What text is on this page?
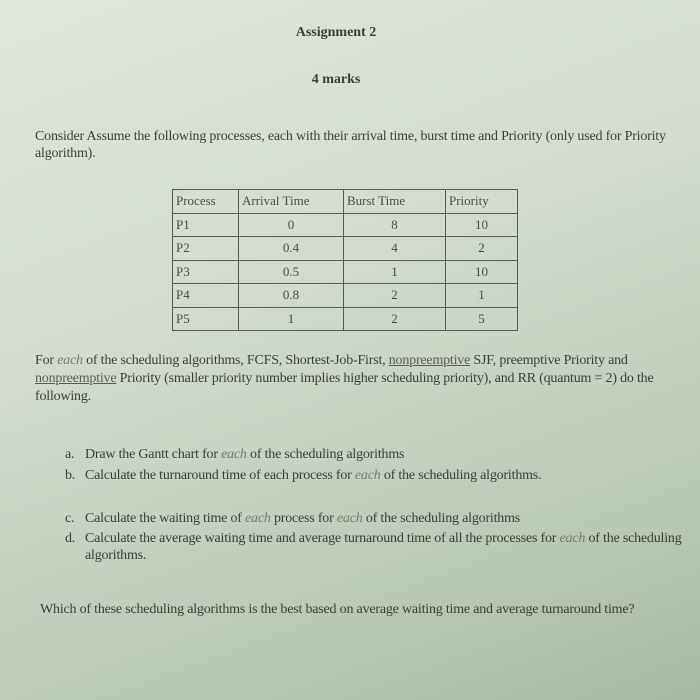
Assignment 2
4 marks
Consider Assume the following processes, each with their arrival time, burst time and Priority (only used for Priority algorithm).
Process	Arrival Time	Burst Time	Priority
P1	0	8	10
P2	0.4	4	2
P3	0.5	1	10
P4	0.8	2	1
P5	1	2	5
For each of the scheduling algorithms, FCFS, Shortest-Job-First, nonpreemptive SJF, preemptive Priority and nonpreemptive Priority (smaller priority number implies higher scheduling priority), and RR (quantum = 2) do the following.
a. Draw the Gantt chart for each of the scheduling algorithms
b. Calculate the turnaround time of each process for each of the scheduling algorithms.
c. Calculate the waiting time of each process for each of the scheduling algorithms
d. Calculate the average waiting time and average turnaround time of all the processes for each of the scheduling algorithms.
Which of these scheduling algorithms is the best based on average waiting time and average turnaround time?
